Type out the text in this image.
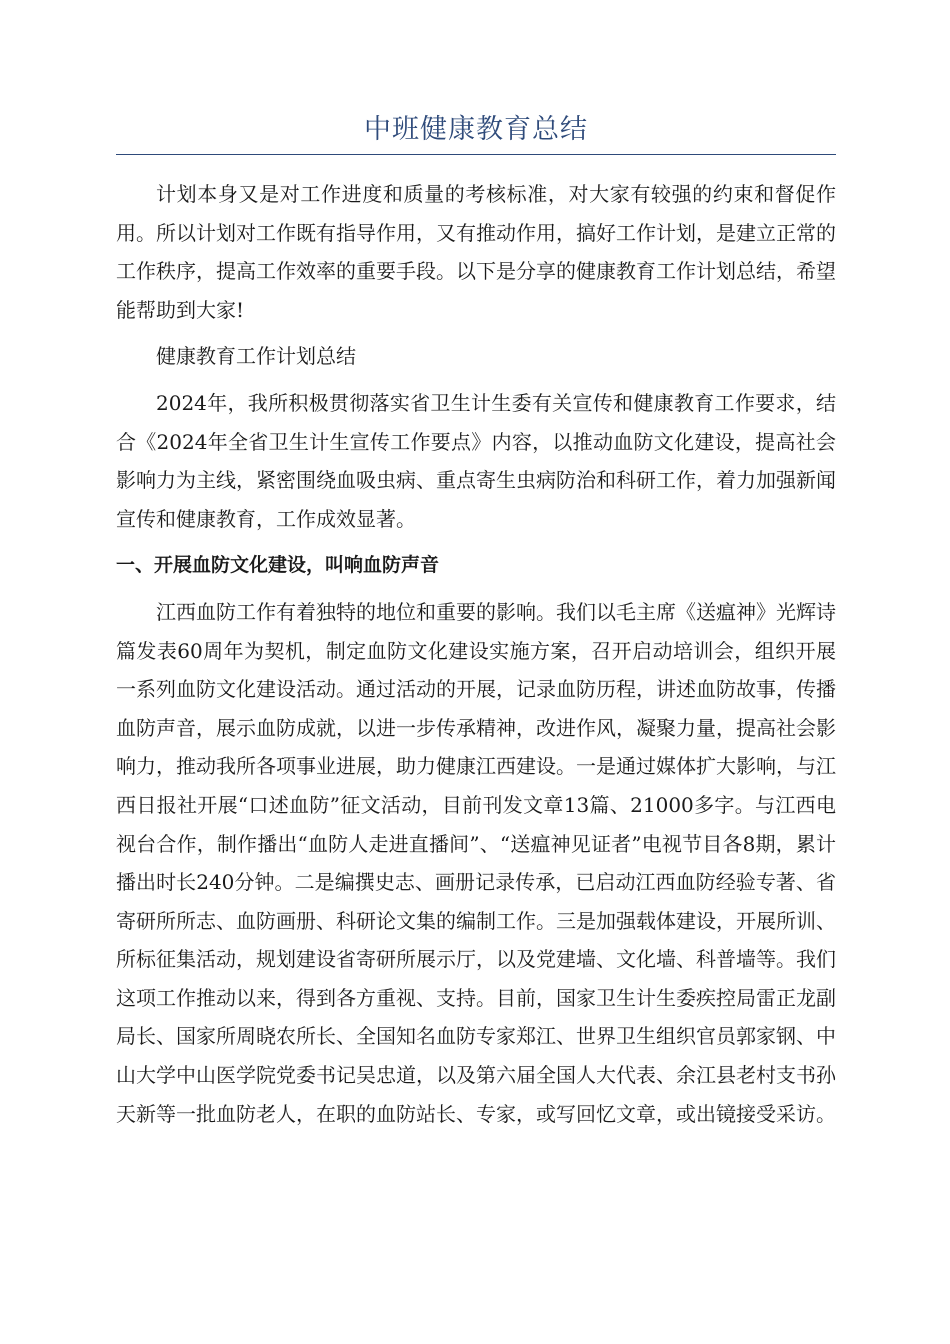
中班健康教育总结

计划本身又是对工作进度和质量的考核标准，对大家有较强的约束和督促作用。所以计划对工作既有指导作用，又有推动作用，搞好工作计划，是建立正常的工作秩序，提高工作效率的重要手段。以下是分享的健康教育工作计划总结，希望能帮助到大家!

健康教育工作计划总结

2024年，我所积极贯彻落实省卫生计生委有关宣传和健康教育工作要求，结合《2024年全省卫生计生宣传工作要点》内容，以推动血防文化建设，提高社会影响力为主线，紧密围绕血吸虫病、重点寄生虫病防治和科研工作，着力加强新闻宣传和健康教育，工作成效显著。

一、开展血防文化建设，叫响血防声音

江西血防工作有着独特的地位和重要的影响。我们以毛主席《送瘟神》光辉诗篇发表60周年为契机，制定血防文化建设实施方案，召开启动培训会，组织开展一系列血防文化建设活动。通过活动的开展，记录血防历程，讲述血防故事，传播血防声音，展示血防成就，以进一步传承精神，改进作风，凝聚力量，提高社会影响力，推动我所各项事业进展，助力健康江西建设。一是通过媒体扩大影响，与江西日报社开展“口述血防”征文活动，目前刊发文章13篇、21000多字。与江西电视台合作，制作播出“血防人走进直播间”、“送瘟神见证者”电视节目各8期，累计播出时长240分钟。二是编撰史志、画册记录传承，已启动江西血防经验专著、省寄研所所志、血防画册、科研论文集的编制工作。三是加强载体建设，开展所训、所标征集活动，规划建设省寄研所展示厅，以及党建墙、文化墙、科普墙等。我们这项工作推动以来，得到各方重视、支持。目前，国家卫生计生委疾控局雷正龙副局长、国家所周晓农所长、全国知名血防专家郑江、世界卫生组织官员郭家钢、中山大学中山医学院党委书记吴忠道，以及第六届全国人大代表、余江县老村支书孙天新等一批血防老人，在职的血防站长、专家，或写回忆文章，或出镜接受采访。
